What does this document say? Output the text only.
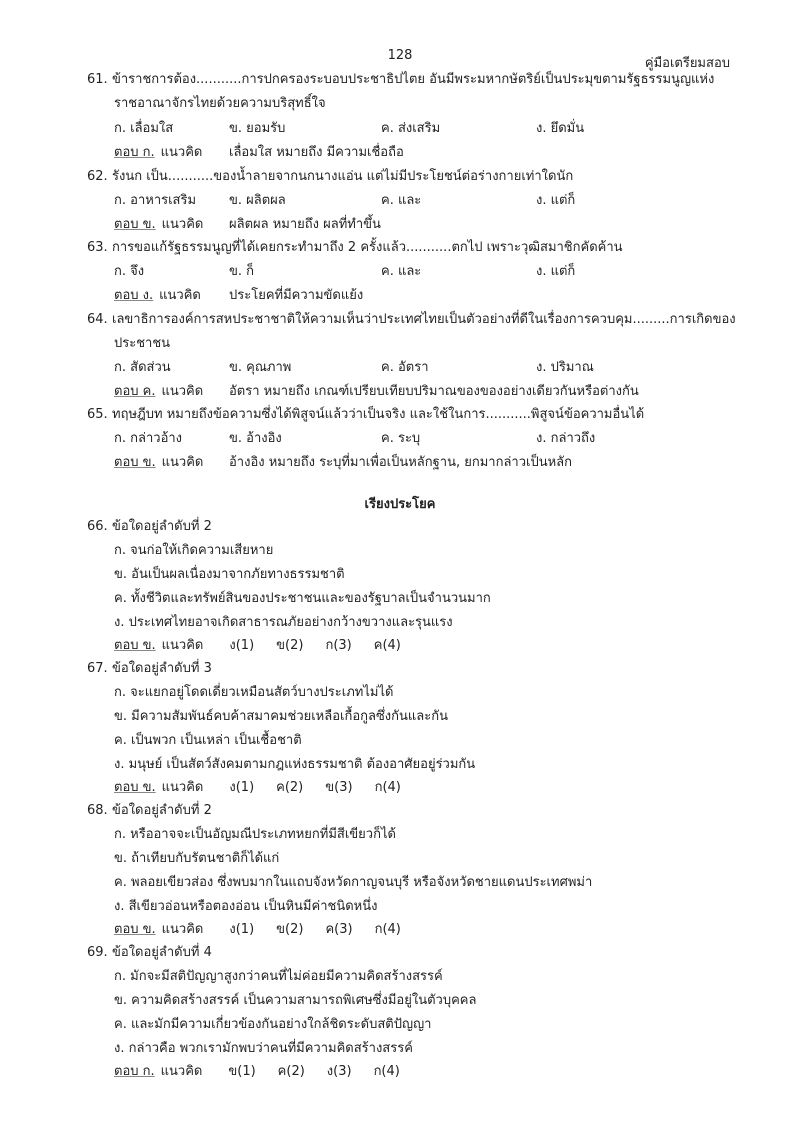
128
คู่มือเตรียมสอบ
61. ข้าราชการต้อง...........การปกครองระบอบประชาธิปไตย อันมีพระมหากษัตริย์เป็นประมุขตามรัฐธรรมนูญแห่ง
ราชอาณาจักรไทยด้วยความบริสุทธิ์ใจ
ก. เลื่อมใส	ข. ยอมรับ	ค. ส่งเสริม	ง. ยึดมั่น
ตอบ ก. แนวคิด เลื่อมใส หมายถึง มีความเชื่อถือ
62. รังนก เป็น...........ของน้ำลายจากนกนางแอ่น แต่ไม่มีประโยชน์ต่อร่างกายเท่าใดนัก
ก. อาหารเสริม	ข. ผลิตผล	ค. และ	ง. แต่ก็
ตอบ ข. แนวคิด ผลิตผล หมายถึง ผลที่ทำขึ้น
63. การขอแก้รัฐธรรมนูญที่ได้เคยกระทำมาถึง 2 ครั้งแล้ว...........ตกไป เพราะวุฒิสมาชิกคัดค้าน
ก. จึง	ข. ก็	ค. และ	ง. แต่ก็
ตอบ ง. แนวคิด ประโยคที่มีความขัดแย้ง
64. เลขาธิการองค์การสหประชาชาติให้ความเห็นว่าประเทศไทยเป็นตัวอย่างที่ดีในเรื่องการควบคุม.........การเกิดของ
ประชาชน
ก. สัดส่วน	ข. คุณภาพ	ค. อัตรา	ง. ปริมาณ
ตอบ ค. แนวคิด อัตรา หมายถึง เกณฑ์เปรียบเทียบปริมาณของของอย่างเดียวกันหรือต่างกัน
65. ทฤษฎีบท หมายถึงข้อความซึ่งได้พิสูจน์แล้วว่าเป็นจริง และใช้ในการ...........พิสูจน์ข้อความอื่นได้
ก. กล่าวอ้าง	ข. อ้างอิง	ค. ระบุ	ง. กล่าวถึง
ตอบ ข. แนวคิด อ้างอิง หมายถึง ระบุที่มาเพื่อเป็นหลักฐาน, ยกมากล่าวเป็นหลัก
เรียงประโยค
66. ข้อใดอยู่ลำดับที่ 2
ก. จนก่อให้เกิดความเสียหาย
ข. อันเป็นผลเนื่องมาจากภัยทางธรรมชาติ
ค. ทั้งชีวิตและทรัพย์สินของประชาชนและของรัฐบาลเป็นจำนวนมาก
ง. ประเทศไทยอาจเกิดสาธารณภัยอย่างกว้างขวางและรุนแรง
ตอบ ข. แนวคิด ง(1) ข(2) ก(3) ค(4)
67. ข้อใดอยู่ลำดับที่ 3
ก. จะแยกอยู่โดดเดี่ยวเหมือนสัตว์บางประเภทไม่ได้
ข. มีความสัมพันธ์คบค้าสมาคมช่วยเหลือเกื้อกูลซึ่งกันและกัน
ค. เป็นพวก เป็นเหล่า เป็นเชื้อชาติ
ง. มนุษย์ เป็นสัตว์สังคมตามกฎแห่งธรรมชาติ ต้องอาศัยอยู่ร่วมกัน
ตอบ ข. แนวคิด ง(1) ค(2) ข(3) ก(4)
68. ข้อใดอยู่ลำดับที่ 2
ก. หรืออาจจะเป็นอัญมณีประเภทหยกที่มีสีเขียวก็ได้
ข. ถ้าเทียบกับรัตนชาติก็ได้แก่
ค. พลอยเขียวส่อง ซึ่งพบมากในแถบจังหวัดกาญจนบุรี หรือจังหวัดชายแดนประเทศพม่า
ง. สีเขียวอ่อนหรือตองอ่อน เป็นหินมีค่าชนิดหนึ่ง
ตอบ ข. แนวคิด ง(1) ข(2) ค(3) ก(4)
69. ข้อใดอยู่ลำดับที่ 4
ก. มักจะมีสติปัญญาสูงกว่าคนที่ไม่ค่อยมีความคิดสร้างสรรค์
ข. ความคิดสร้างสรรค์ เป็นความสามารถพิเศษซึ่งมีอยู่ในตัวบุคคล
ค. และมักมีความเกี่ยวข้องกันอย่างใกล้ชิดระดับสติปัญญา
ง. กล่าวคือ พวกเรามักพบว่าคนที่มีความคิดสร้างสรรค์
ตอบ ก. แนวคิด ข(1) ค(2) ง(3) ก(4)
